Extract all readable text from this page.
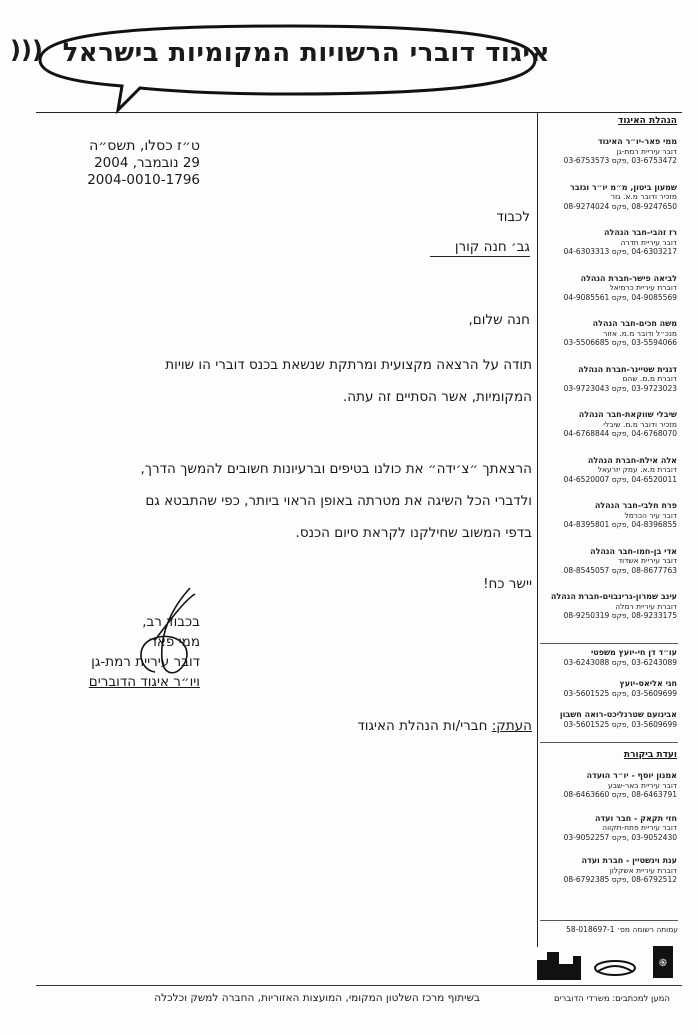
איגוד דוברי הרשויות המקומיות בישראל
)))
ט״ז כסלו, תשס״ה
29 נובמבר, 2004
2004-0010-1796
לכבוד
גב׳ חנה קורן
חנה שלום,
תודה על הרצאה מקצועית ומרתקת שנשאת בכנס דוברי הו שויות
המקומיות, אשר הסתיים זה עתה.
הרצאתך ״צ׳ידה״ את כולנו בטיפים וברעיונות חשובים להמשך הדרך,
ולדברי הכל השיגה את מטרתה באופן הראוי ביותר, כפי שהתבטא גם
בדפי המשוב שחילקנו לקראת סיום הכנס.
יישר כח!
בכבוד רב,
ממי פאר
דובר עיריית רמת-גן
ויו״ר איגוד הדוברים
העתק: חברי/ות הנהלת האיגוד
הנהלת האיגוד
ממי פאר-יו״ר האיגוד
דובר עיריית רמת-גן
03-6753472 ,פקס 03-6753573
שמעון ביטון, מ״מ יו״ר וגזבר
מזכיר ודובר מ.א. גזר
08-9247650 ,פקס 08-9274024
רז זהבי-חבר הנהלה
דובר עיריית חדרה
04-6303217 ,פקס 04-6303313
לביאה פישר-חברת הנהלה
דוברת עיריית כרמיאל
04-9085569 ,פקס 04-9085561
משה חכים-חבר הנהלה
מנכ״ל ודובר מ.מ. אזור
03-5594066 ,פקס 03-5506685
דגנית שטיינר-חברת הנהלה
דוברת מ.מ. שהם
03-9723023 ,פקס 03-9723043
שיבלי שווקאת-חבר הנהלה
מזכיר ודובר מ.מ. שיבלי
04-6768070 ,פקס 04-6768844
אלה אילת-חברת הנהלה
דוברת מ.א. עמק יזרעאל
04-6520011 ,פקס 04-6520007
פרח חלבי-חבר הנהלה
דובר עיר הכרמל
04-8396855 ,פקס 04-8395801
אדי בן-חמו-חבר הנהלה
דובר עיריית אשדוד
08-8677763 ,פקס 08-8545057
עינב שמרון-גרינבוים-חברת הנהלה
דוברת עיריית רמלה
08-9233175 ,פקס 08-9250319
עו״ד דן חי-יועץ משפטי
03-6243089 ,פקס 03-6243088
חגי אליאס-יועץ
03-5609699 ,פקס 03-5601525
אבינועם שטרנליכט-רואה חשבון
03-5609699 ,פקס 03-5601525
ועדת ביקורת
אמנון יוסף - יו״ר הועדה
דובר עיריית באר-שבע
08-6463791 ,פקס 08-6463660
חזי תקאק - חבר ועדה
דובר עיריית פתח-תקווה
03-9052430 ,פקס 03-9052257
ענת וינשטיין - חברת ועדה
דוברת עיריית אשקלון
08-6792512 ,פקס 08-6792385
עמותה רשומה מס׳ 58-018697-1
֍
בשיתוף מרכז השלטון המקומי, המועצות האזוריות, החברה למשק וכלכלה	המען למכתבים: משרדי הדוברים
